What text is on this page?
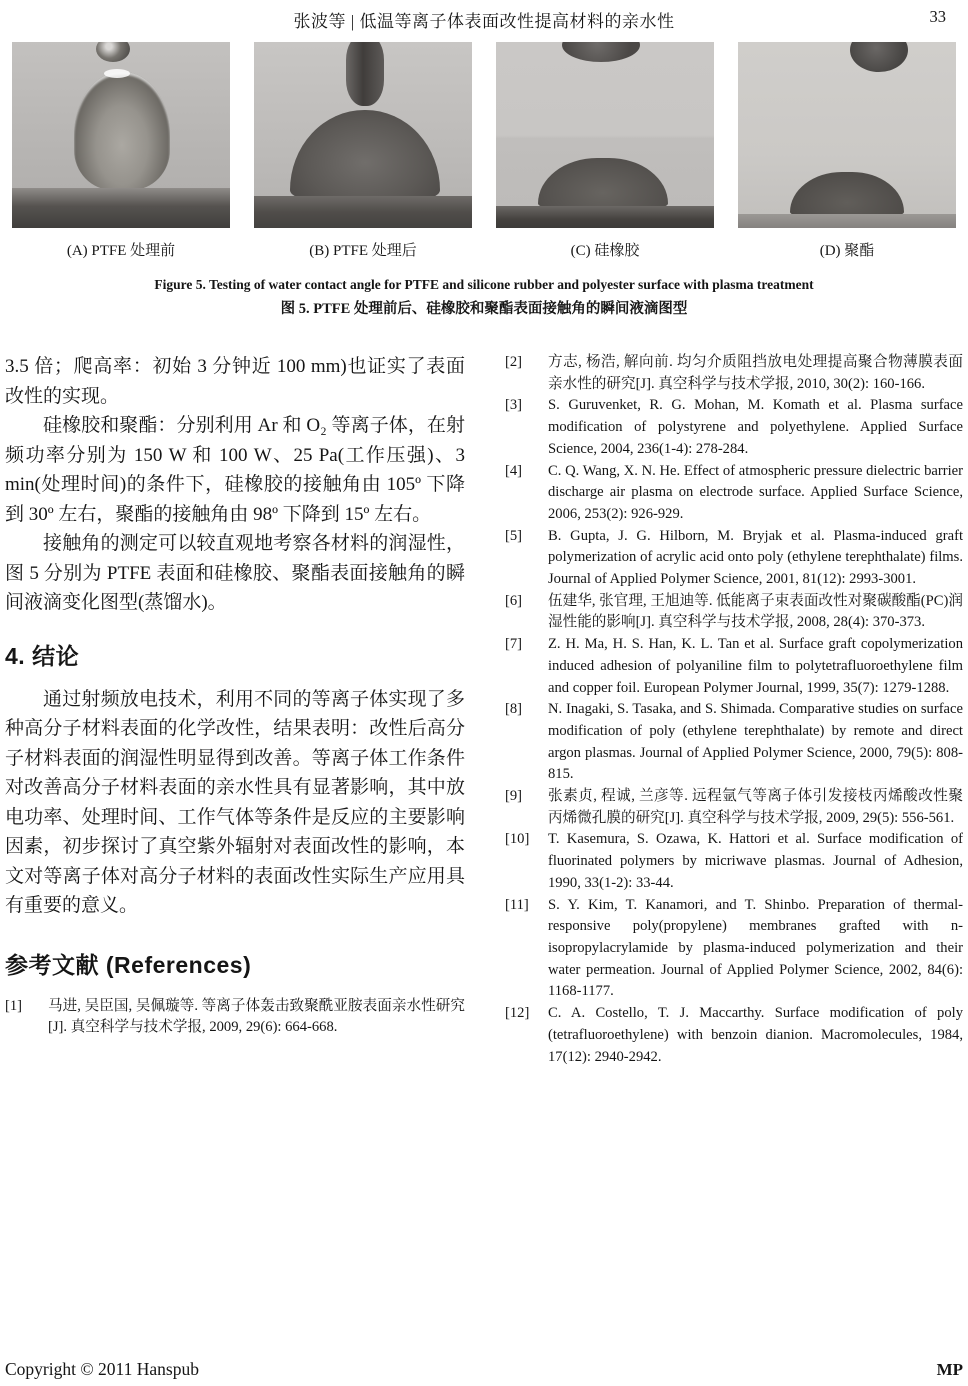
张波等 | 低温等离子体表面改性提高材料的亲水性	33
(A) PTFE 处理前	(B) PTFE 处理后	(C) 硅橡胶	(D) 聚酯
Figure 5. Testing of water contact angle for PTFE and silicone rubber and polyester surface with plasma treatment
图 5. PTFE 处理前后、硅橡胶和聚酯表面接触角的瞬间液滴图型

3.5 倍；爬高率：初始 3 分钟近 100 mm)也证实了表面改性的实现。

硅橡胶和聚酯：分别利用 Ar 和 O₂ 等离子体，在射频功率分别为 150 W 和 100 W、25 Pa(工作压强)、3 min(处理时间)的条件下，硅橡胶的接触角由 105º 下降到 30º 左右，聚酯的接触角由 98º 下降到 15º 左右。

接触角的测定可以较直观地考察各材料的润湿性，图 5 分别为 PTFE 表面和硅橡胶、聚酯表面接触角的瞬间液滴变化图型(蒸馏水)。

4. 结论

通过射频放电技术，利用不同的等离子体实现了多种高分子材料表面的化学改性，结果表明：改性后高分子材料表面的润湿性明显得到改善。等离子体工作条件对改善高分子材料表面的亲水性具有显著影响，其中放电功率、处理时间、工作气体等条件是反应的主要影响因素，初步探讨了真空紫外辐射对表面改性的影响，本文对等离子体对高分子材料的表面改性实际生产应用具有重要的意义。

参考文献 (References)
[1]	马进, 吴臣国, 吴佩璇等. 等离子体轰击致聚酰亚胺表面亲水性研究[J]. 真空科学与技术学报, 2009, 29(6): 664-668.
[2]	方志, 杨浩, 解向前. 均匀介质阻挡放电处理提高聚合物薄膜表面亲水性的研究[J]. 真空科学与技术学报, 2010, 30(2): 160-166.
[3]	S. Guruvenket, R. G. Mohan, M. Komath et al. Plasma surface modification of polystyrene and polyethylene. Applied Surface Science, 2004, 236(1-4): 278-284.
[4]	C. Q. Wang, X. N. He. Effect of atmospheric pressure dielectric barrier discharge air plasma on electrode surface. Applied Surface Science, 2006, 253(2): 926-929.
[5]	B. Gupta, J. G. Hilborn, M. Bryjak et al. Plasma-induced graft polymerization of acrylic acid onto poly (ethylene terephthalate) films. Journal of Applied Polymer Science, 2001, 81(12): 2993-3001.
[6]	伍建华, 张官理, 王旭迪等. 低能离子束表面改性对聚碳酸酯(PC)润湿性能的影响[J]. 真空科学与技术学报, 2008, 28(4): 370-373.
[7]	Z. H. Ma, H. S. Han, K. L. Tan et al. Surface graft copolymerization induced adhesion of polyaniline film to polytetrafluoroethylene film and copper foil. European Polymer Journal, 1999, 35(7): 1279-1288.
[8]	N. Inagaki, S. Tasaka, and S. Shimada. Comparative studies on surface modification of poly (ethylene terephthalate) by remote and direct argon plasmas. Journal of Applied Polymer Science, 2000, 79(5): 808-815.
[9]	张素贞, 程诚, 兰彦等. 远程氩气等离子体引发接枝丙烯酸改性聚丙烯微孔膜的研究[J]. 真空科学与技术学报, 2009, 29(5): 556-561.
[10]	T. Kasemura, S. Ozawa, K. Hattori et al. Surface modification of fluorinated polymers by micriwave plasmas. Journal of Adhesion, 1990, 33(1-2): 33-44.
[11]	S. Y. Kim, T. Kanamori, and T. Shinbo. Preparation of thermal-responsive poly(propylene) membranes grafted with n-isopropylacrylamide by plasma-induced polymerization and their water permeation. Journal of Applied Polymer Science, 2002, 84(6): 1168-1177.
[12]	C. A. Costello, T. J. Maccarthy. Surface modification of poly (tetrafluoroethylene) with benzoin dianion. Macromolecules, 1984, 17(12): 2940-2942.
Copyright © 2011 Hanspub	MP
